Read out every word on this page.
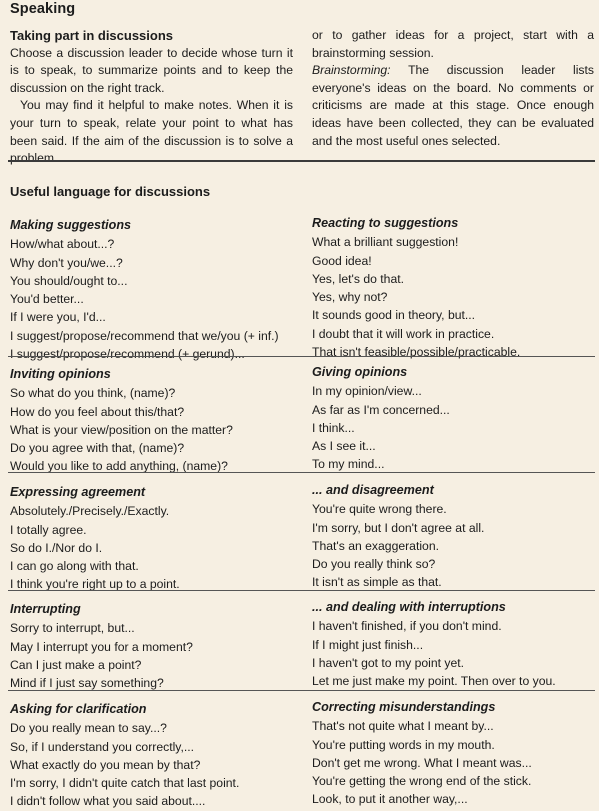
Speaking
Taking part in discussions
Choose a discussion leader to decide whose turn it is to speak, to summarize points and to keep the discussion on the right track.
You may find it helpful to make notes. When it is your turn to speak, relate your point to what has been said. If the aim of the discussion is to solve a problem
or to gather ideas for a project, start with a brainstorming session.
Brainstorming: The discussion leader lists everyone's ideas on the board. No comments or criticisms are made at this stage. Once enough ideas have been collected, they can be evaluated and the most useful ones selected.
Useful language for discussions
Making suggestions
How/what about...?
Why don't you/we...?
You should/ought to...
You'd better...
If I were you, I'd...
I suggest/propose/recommend that we/you (+ inf.)
I suggest/propose/recommend (+ gerund)...
Reacting to suggestions
What a brilliant suggestion!
Good idea!
Yes, let's do that.
Yes, why not?
It sounds good in theory, but...
I doubt that it will work in practice.
That isn't feasible/possible/practicable.
Inviting opinions
So what do you think, (name)?
How do you feel about this/that?
What is your view/position on the matter?
Do you agree with that, (name)?
Would you like to add anything, (name)?
Giving opinions
In my opinion/view...
As far as I'm concerned...
I think...
As I see it...
To my mind...
Expressing agreement
Absolutely./Precisely./Exactly.
I totally agree.
So do I./Nor do I.
I can go along with that.
I think you're right up to a point.
... and disagreement
You're quite wrong there.
I'm sorry, but I don't agree at all.
That's an exaggeration.
Do you really think so?
It isn't as simple as that.
Interrupting
Sorry to interrupt, but...
May I interrupt you for a moment?
Can I just make a point?
Mind if I just say something?
... and dealing with interruptions
I haven't finished, if you don't mind.
If I might just finish...
I haven't got to my point yet.
Let me just make my point. Then over to you.
Asking for clarification
Do you really mean to say...?
So, if I understand you correctly,...
What exactly do you mean by that?
I'm sorry, I didn't quite catch that last point.
I didn't follow what you said about....
Correcting misunderstandings
That's not quite what I meant by...
You're putting words in my mouth.
Don't get me wrong. What I meant was...
You're getting the wrong end of the stick.
Look, to put it another way,...
